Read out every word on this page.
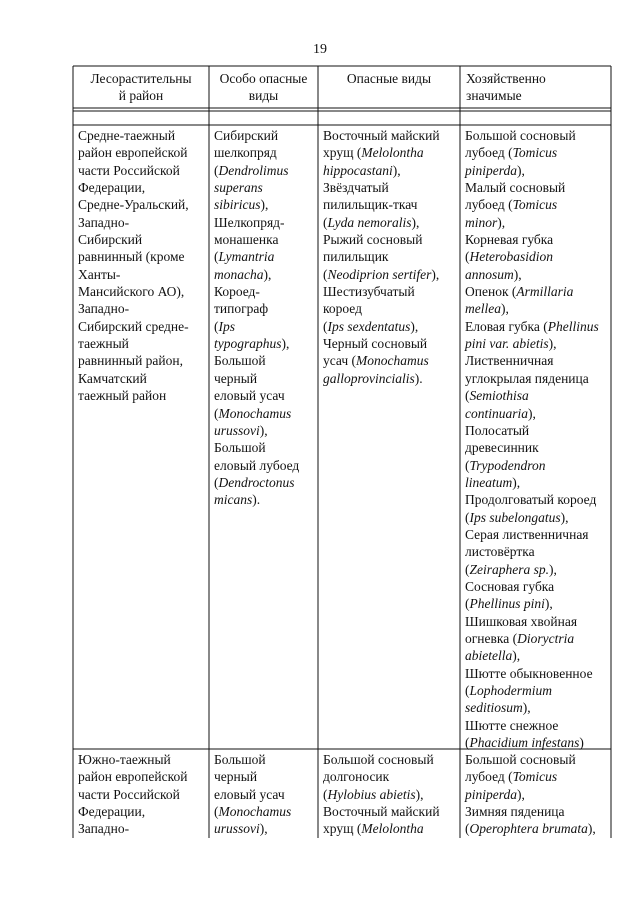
19
Лесорастительны
й район
Особо опасные
виды
Опасные виды	Хозяйственно
значимые
Средне-таежный
район европейской
части Российской
Федерации,
Средне-Уральский,
Западно-
Сибирский
равнинный (кроме
Ханты-
Мансийского АО),
Западно-
Сибирский средне-
таежный
равнинный район,
Камчатский
таежный район
Сибирский
шелкопряд
(Dendrolimus
superans
sibiricus),
Шелкопряд-
монашенка
(Lymantria
monacha),
Короед-
типограф
(Ips
typographus),
Большой
черный
еловый усач
(Monochamus
urussovi),
Большой
еловый лубоед
(Dendroctonus
micans).
Восточный майский
хрущ (Melolontha
hippocastani),
Звёздчатый
пилильщик-ткач
(Lyda nemoralis),
Рыжий сосновый
пилильщик
(Neodiprion sertifer),
Шестизубчатый
короед
(Ips sexdentatus),
Черный сосновый
усач (Monochamus
galloprovincialis).
Большой сосновый
лубоед (Tomicus
piniperda),
Малый сосновый
лубоед (Tomicus
minor),
Корневая губка
(Heterobasidion
annosum),
Опенок (Armillaria
mellea),
Еловая губка (Phellinus
pini var. abietis),
Лиственничная
углокрылая пяденица
(Semiothisa
continuaria),
Полосатый
древесинник
(Trypodendron
lineatum),
Продолговатый короед
(Ips subelongatus),
Серая лиственничная
листовёртка
(Zeiraphera sp.),
Сосновая губка
(Phellinus pini),
Шишковая хвойная
огневка (Dioryctria
abietella),
Шютте обыкновенное
(Lophodermium
seditiosum),
Шютте снежное
(Phacidium infestans)
Южно-таежный
район европейской
части Российской
Федерации,
Западно-
Большой
черный
еловый усач
(Monochamus
urussovi),
Большой сосновый
долгоносик
(Hylobius abietis),
Восточный майский
хрущ (Melolontha
Большой сосновый
лубоед (Tomicus
piniperda),
Зимняя пяденица
(Operophtera brumata),
